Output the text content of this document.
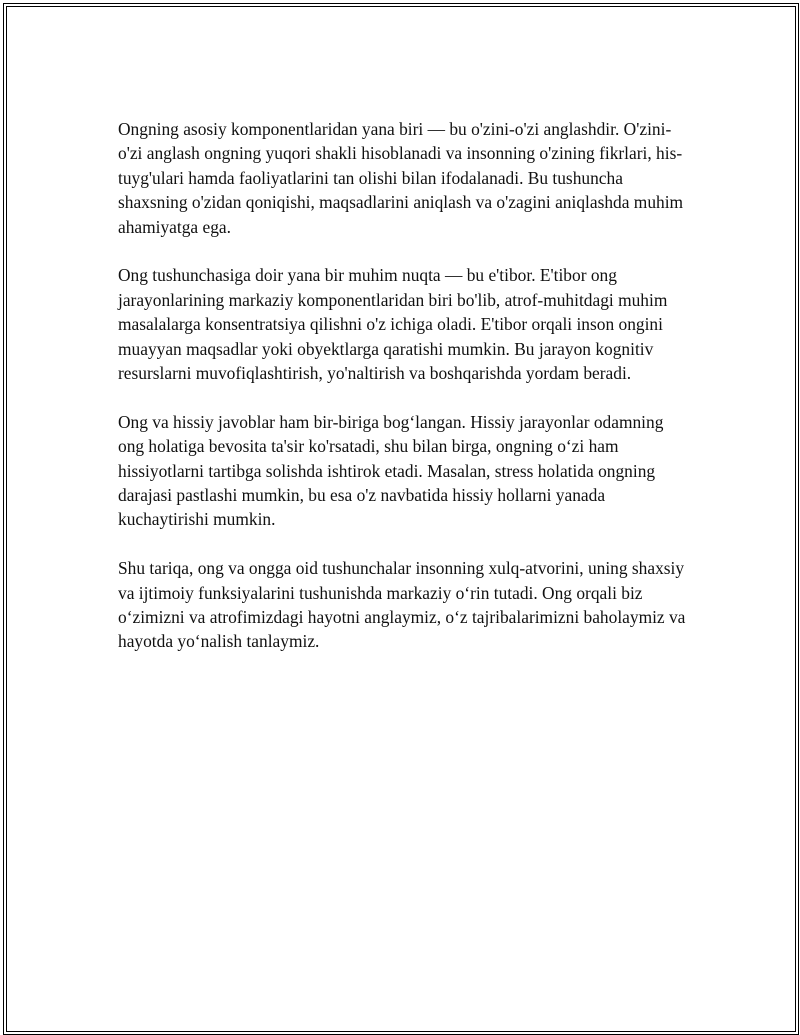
Ongning asosiy komponentlaridan yana biri — bu o'zini-o'zi anglashdir. O'zini-o'zi anglash ongning yuqori shakli hisoblanadi va insonning o'zining fikrlari, his-tuyg'ulari hamda faoliyatlarini tan olishi bilan ifodalanadi. Bu tushuncha shaxsning o'zidan qoniqishi, maqsadlarini aniqlash va o'zagini aniqlashda muhim ahamiyatga ega.

Ong tushunchasiga doir yana bir muhim nuqta — bu e'tibor. E'tibor ong jarayonlarining markaziy komponentlaridan biri bo'lib, atrof-muhitdagi muhim masalalarga konsentratsiya qilishni o'z ichiga oladi. E'tibor orqali inson ongini muayyan maqsadlar yoki obyektlarga qaratishi mumkin. Bu jarayon kognitiv resurslarni muvofiqlashtirish, yo'naltirish va boshqarishda yordam beradi.

Ong va hissiy javoblar ham bir-biriga bog‘langan. Hissiy jarayonlar odamning ong holatiga bevosita ta'sir ko'rsatadi, shu bilan birga, ongning o‘zi ham hissiyotlarni tartibga solishda ishtirok etadi. Masalan, stress holatida ongning darajasi pastlashi mumkin, bu esa o'z navbatida hissiy hollarni yanada kuchaytirishi mumkin.

Shu tariqa, ong va ongga oid tushunchalar insonning xulq-atvorini, uning shaxsiy va ijtimoiy funksiyalarini tushunishda markaziy o‘rin tutadi. Ong orqali biz o‘zimizni va atrofimizdagi hayotni anglaymiz, o‘z tajribalarimizni baholaymiz va hayotda yo‘nalish tanlaymiz.
